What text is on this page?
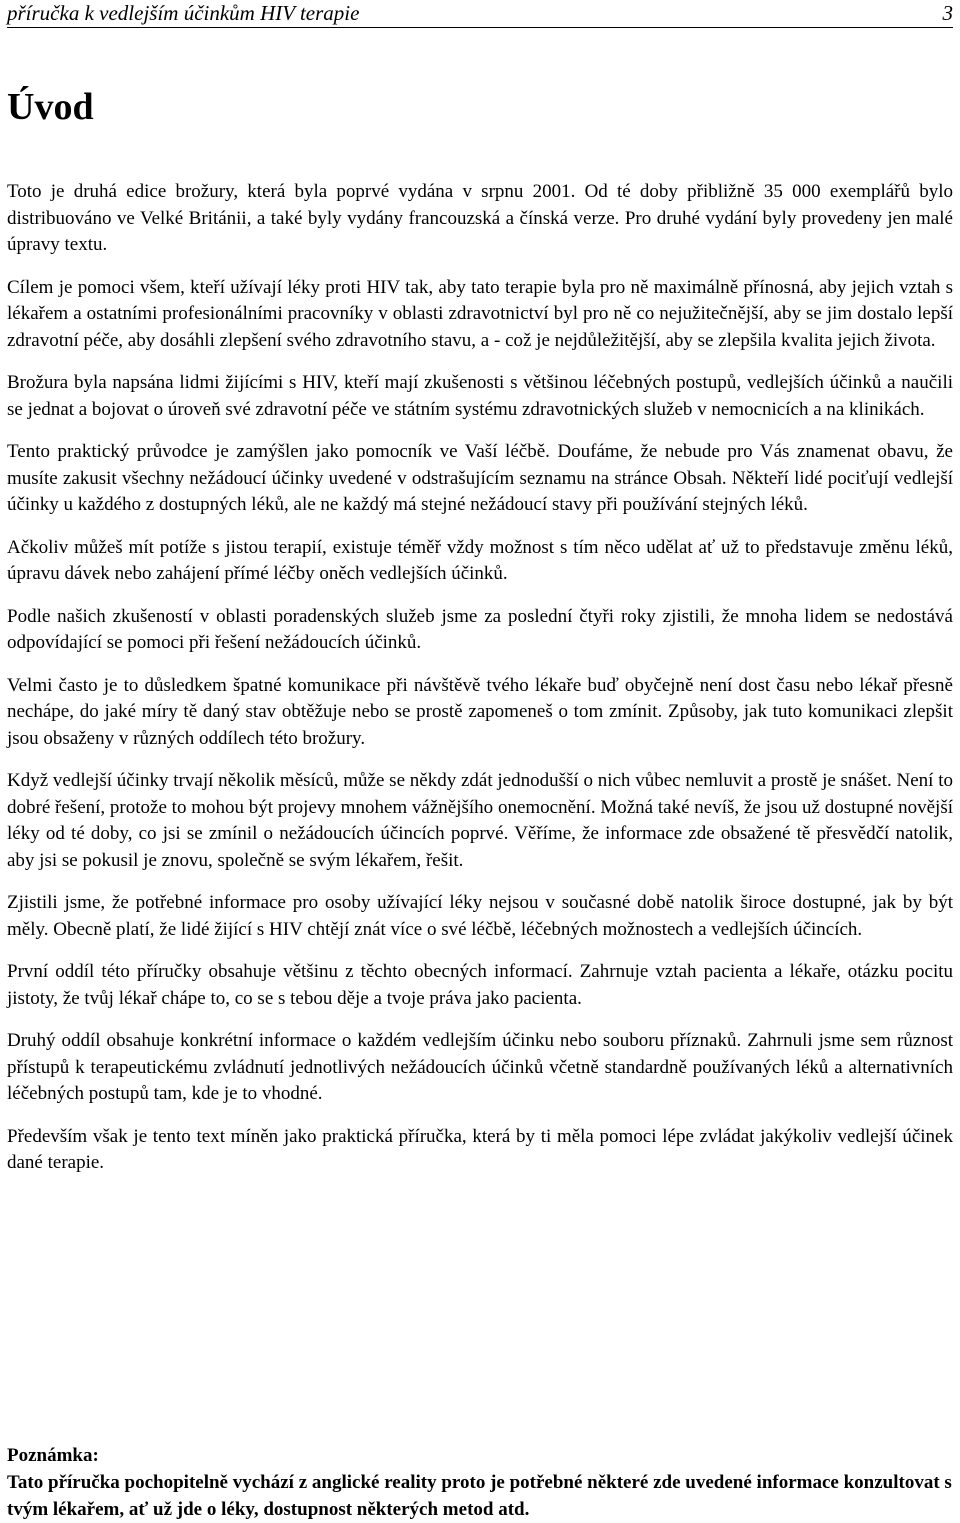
příručka k vedlejším účinkům HIV terapie	3
Úvod

Toto je druhá edice brožury, která byla poprvé vydána v srpnu 2001. Od té doby přibližně 35 000 exemplářů bylo distribuováno ve Velké Británii, a také byly vydány francouzská a čínská verze. Pro druhé vydání byly provedeny jen malé úpravy textu.

Cílem je pomoci všem, kteří užívají léky proti HIV tak, aby tato terapie byla pro ně maximálně přínosná, aby jejich vztah s lékařem a ostatními profesionálními pracovníky v oblasti zdravotnictví byl pro ně co nejužitečnější, aby se jim dostalo lepší zdravotní péče, aby dosáhli zlepšení svého zdravotního stavu, a - což je nejdůležitější, aby se zlepšila kvalita jejich života.

Brožura byla napsána lidmi žijícími s HIV, kteří mají zkušenosti s většinou léčebných postupů, vedlejších účinků a naučili se jednat a bojovat o úroveň své zdravotní péče ve státním systému zdravotnických služeb v nemocnicích a na klinikách.

Tento praktický průvodce je zamýšlen jako pomocník ve Vaší léčbě. Doufáme, že nebude pro Vás znamenat obavu, že musíte zakusit všechny nežádoucí účinky uvedené v odstrašujícím seznamu na stránce Obsah. Někteří lidé pociťují vedlejší účinky u každého z dostupných léků, ale ne každý má stejné nežádoucí stavy při používání stejných léků.

Ačkoliv můžeš mít potíže s jistou terapií, existuje téměř vždy možnost s tím něco udělat ať už to představuje změnu léků, úpravu dávek nebo zahájení přímé léčby oněch vedlejších účinků.

Podle našich zkušeností v oblasti poradenských služeb jsme za poslední čtyři roky zjistili, že mnoha lidem se nedostává odpovídající se pomoci při řešení nežádoucích účinků.

Velmi často je to důsledkem špatné komunikace při návštěvě tvého lékaře buď obyčejně není dost času nebo lékař přesně nechápe, do jaké míry tě daný stav obtěžuje nebo se prostě zapomeneš o tom zmínit. Způsoby, jak tuto komunikaci zlepšit jsou obsaženy v různých oddílech této brožury.

Když vedlejší účinky trvají několik měsíců, může se někdy zdát jednodušší o nich vůbec nemluvit a prostě je snášet. Není to dobré řešení, protože to mohou být projevy mnohem vážnějšího onemocnění. Možná také nevíš, že jsou už dostupné novější léky od té doby, co jsi se zmínil o nežádoucích účincích poprvé. Věříme, že informace zde obsažené tě přesvědčí natolik, aby jsi se pokusil je znovu, společně se svým lékařem, řešit.

Zjistili jsme, že potřebné informace pro osoby užívající léky nejsou v současné době natolik široce dostupné, jak by být měly. Obecně platí, že lidé žijící s HIV chtějí znát více o své léčbě, léčebných možnostech a vedlejších účincích.

První oddíl této příručky obsahuje většinu z těchto obecných informací. Zahrnuje vztah pacienta a lékaře, otázku pocitu jistoty, že tvůj lékař chápe to, co se s tebou děje a tvoje práva jako pacienta.

Druhý oddíl obsahuje konkrétní informace o každém vedlejším účinku nebo souboru příznaků. Zahrnuli jsme sem různost přístupů k terapeutickému zvládnutí jednotlivých nežádoucích účinků včetně standardně používaných léků a alternativních léčebných postupů tam, kde je to vhodné.

Především však je tento text míněn jako praktická příručka, která by ti měla pomoci lépe zvládat jakýkoliv vedlejší účinek dané terapie.

Poznámka:
Tato příručka pochopitelně vychází z anglické reality proto je potřebné některé zde uvedené informace konzultovat s tvým lékařem, ať už jde o léky, dostupnost některých metod atd.
